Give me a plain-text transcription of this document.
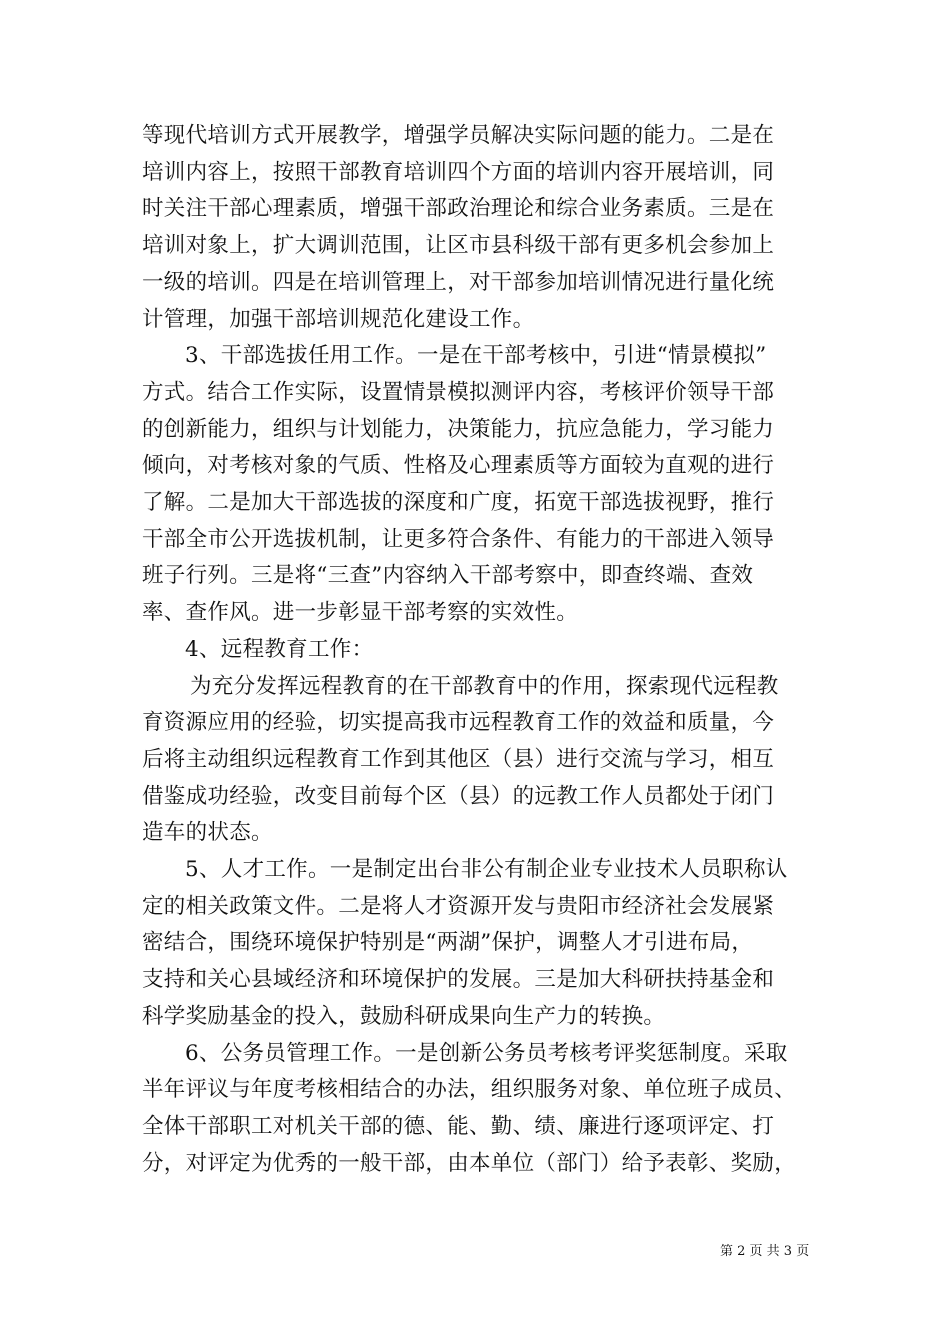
等现代培训方式开展教学，增强学员解决实际问题的能力。二是在
培训内容上，按照干部教育培训四个方面的培训内容开展培训，同
时关注干部心理素质，增强干部政治理论和综合业务素质。三是在
培训对象上，扩大调训范围，让区市县科级干部有更多机会参加上
一级的培训。四是在培训管理上，对干部参加培训情况进行量化统
计管理，加强干部培训规范化建设工作。

3、干部选拔任用工作。一是在干部考核中，引进“情景模拟”
方式。结合工作实际，设置情景模拟测评内容，考核评价领导干部
的创新能力，组织与计划能力，决策能力，抗应急能力，学习能力
倾向，对考核对象的气质、性格及心理素质等方面较为直观的进行
了解。二是加大干部选拔的深度和广度，拓宽干部选拔视野，推行
干部全市公开选拔机制，让更多符合条件、有能力的干部进入领导
班子行列。三是将“三查”内容纳入干部考察中，即查终端、查效
率、查作风。进一步彰显干部考察的实效性。

4、远程教育工作：

为充分发挥远程教育的在干部教育中的作用，探索现代远程教
育资源应用的经验，切实提高我市远程教育工作的效益和质量，今
后将主动组织远程教育工作到其他区（县）进行交流与学习，相互
借鉴成功经验，改变目前每个区（县）的远教工作人员都处于闭门
造车的状态。

5、人才工作。一是制定出台非公有制企业专业技术人员职称认
定的相关政策文件。二是将人才资源开发与贵阳市经济社会发展紧
密结合，围绕环境保护特别是“两湖”保护，调整人才引进布局，
支持和关心县域经济和环境保护的发展。三是加大科研扶持基金和
科学奖励基金的投入，鼓励科研成果向生产力的转换。

6、公务员管理工作。一是创新公务员考核考评奖惩制度。采取
半年评议与年度考核相结合的办法，组织服务对象、单位班子成员、
全体干部职工对机关干部的德、能、勤、绩、廉进行逐项评定、打
分，对评定为优秀的一般干部，由本单位（部门）给予表彰、奖励，

第 2 页 共 3 页
